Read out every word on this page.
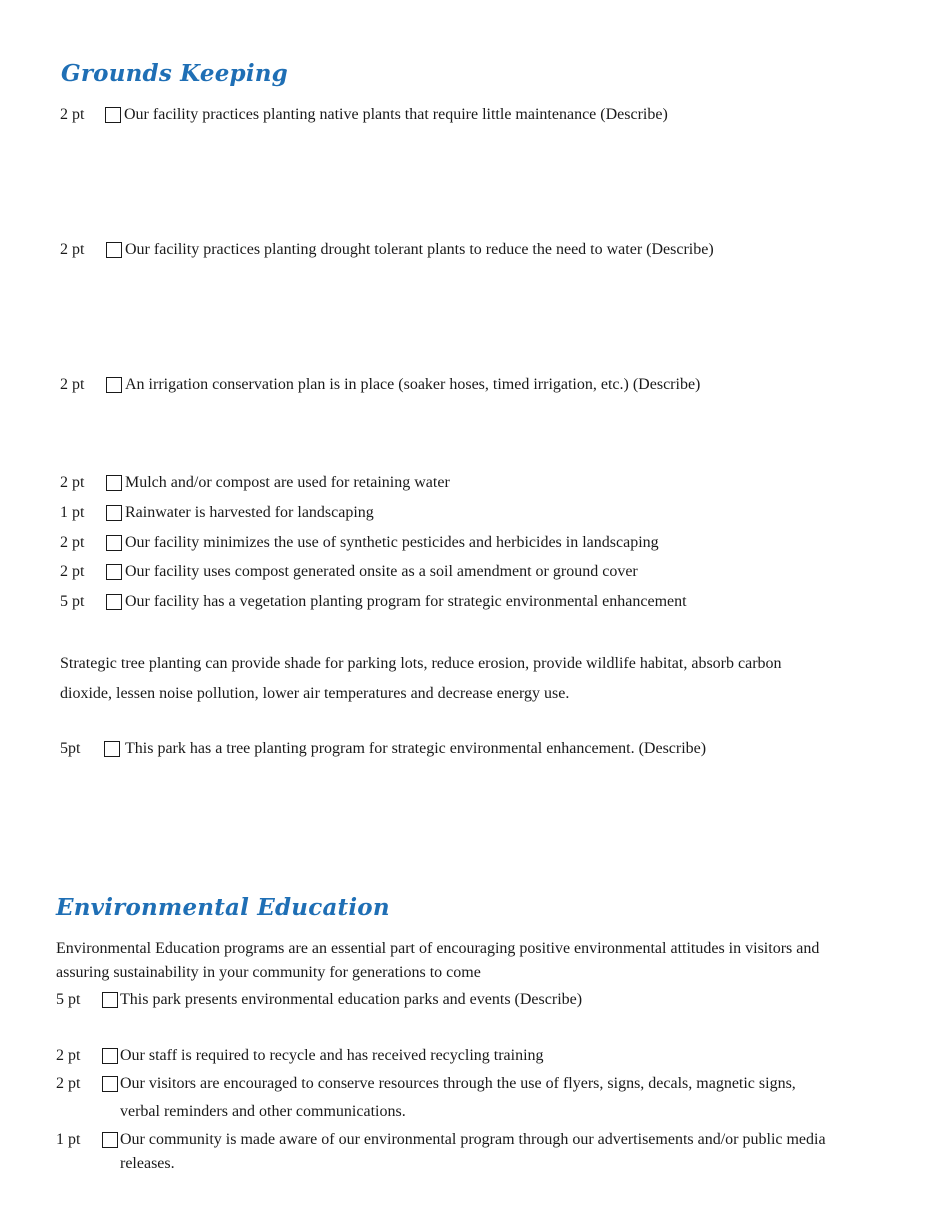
Grounds Keeping
2 pt Our facility practices planting native plants that require little maintenance (Describe)
2 pt	Our facility practices planting drought tolerant plants to reduce the need to water (Describe)
2 pt	An irrigation conservation plan is in place (soaker hoses, timed irrigation, etc.) (Describe)
2 pt	Mulch and/or compost are used for retaining water
1 pt	Rainwater is harvested for landscaping
2 pt	Our facility minimizes the use of synthetic pesticides and herbicides in landscaping
2 pt	Our facility uses compost generated onsite as a soil amendment or ground cover
5 pt	Our facility has a vegetation planting program for strategic environmental enhancement
Strategic tree planting can provide shade for parking lots, reduce erosion, provide wildlife habitat, absorb carbon
dioxide, lessen noise pollution, lower air temperatures and decrease energy use.
5pt	This park has a tree planting program for strategic environmental enhancement. (Describe)
Environmental Education
Environmental Education programs are an essential part of encouraging positive environmental attitudes in visitors and
assuring sustainability in your community for generations to come
5 pt This park presents environmental education parks and events (Describe)
2 pt Our staff is required to recycle and has received recycling training
2 pt Our visitors are encouraged to conserve resources through the use of flyers, signs, decals, magnetic signs,
verbal reminders and other communications.
1 pt Our community is made aware of our environmental program through our advertisements and/or public media
releases.
